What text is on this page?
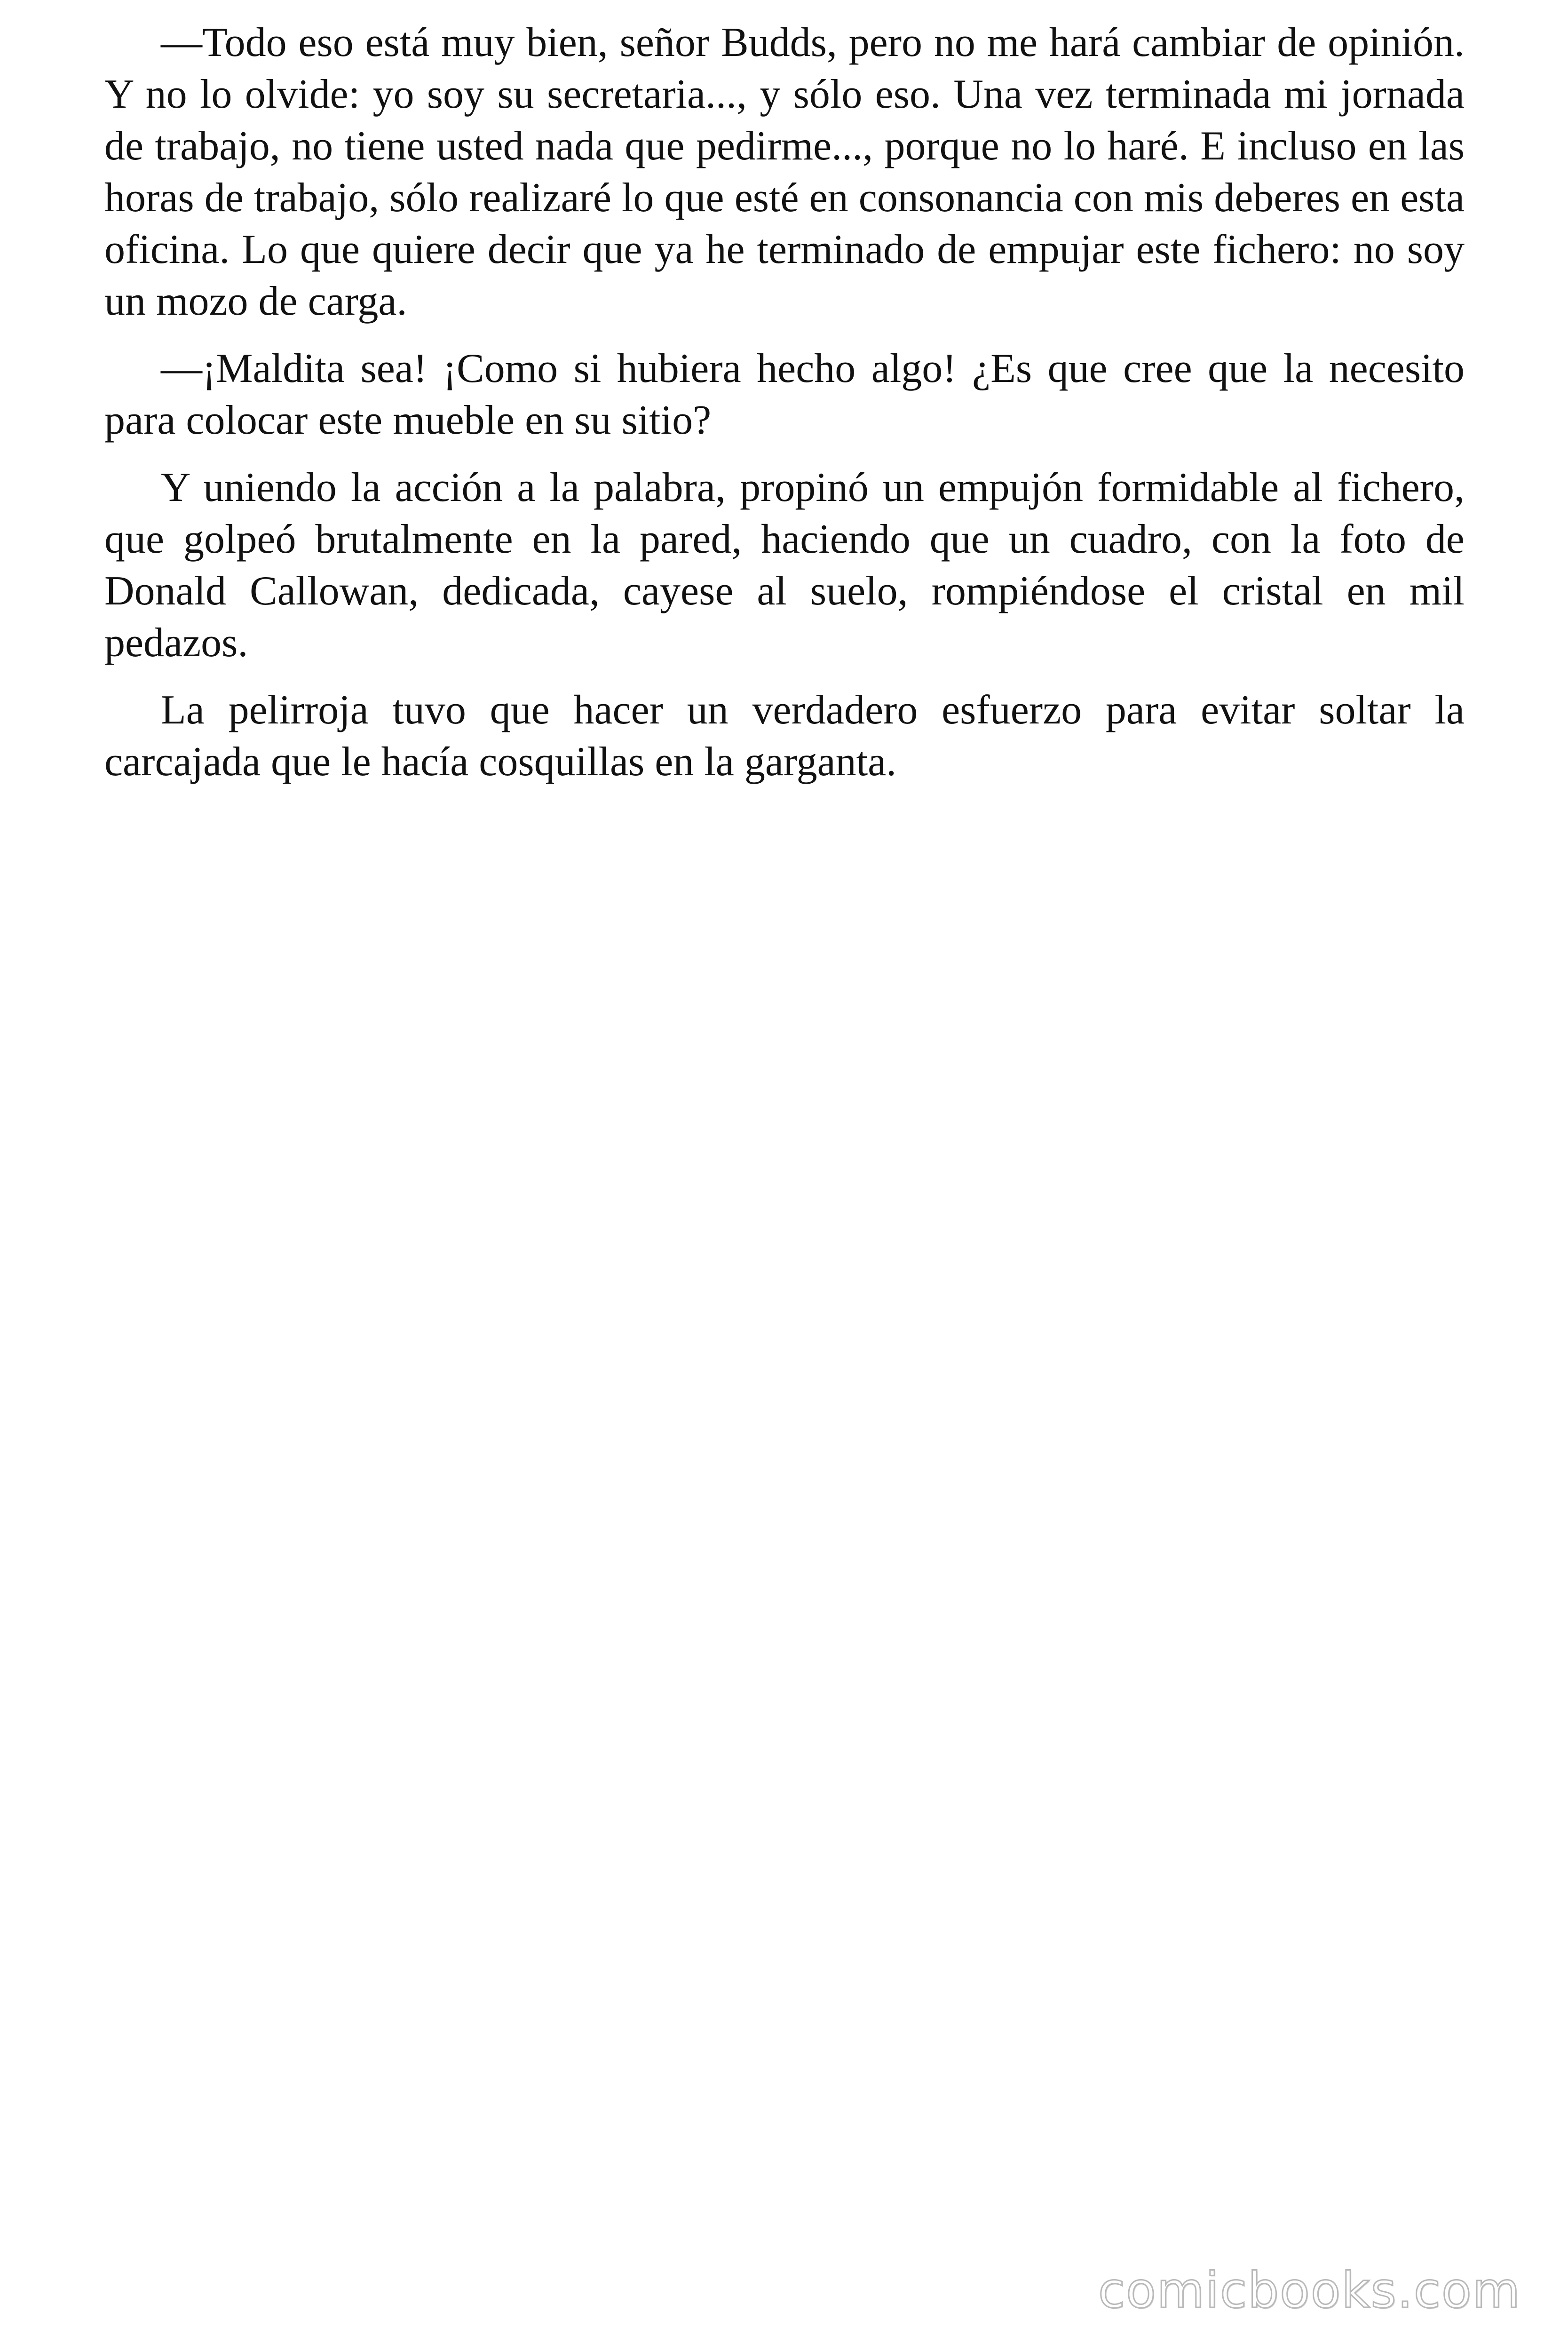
—Todo eso está muy bien, señor Budds, pero no me hará cambiar de opinión. Y no lo olvide: yo soy su secretaria..., y sólo eso. Una vez terminada mi jornada de trabajo, no tiene usted nada que pedirme..., porque no lo haré. E incluso en las horas de trabajo, sólo realizaré lo que esté en consonancia con mis deberes en esta oficina. Lo que quiere decir que ya he terminado de empujar este fichero: no soy un mozo de carga.

—¡Maldita sea! ¡Como si hubiera hecho algo! ¿Es que cree que la necesito para colocar este mueble en su sitio?

Y uniendo la acción a la palabra, propinó un empujón formidable al fichero, que golpeó brutalmente en la pared, haciendo que un cuadro, con la foto de Donald Callowan, dedicada, cayese al suelo, rompiéndose el cristal en mil pedazos.

La pelirroja tuvo que hacer un verdadero esfuerzo para evitar soltar la carcajada que le hacía cosquillas en la garganta.

comicbooks.com
